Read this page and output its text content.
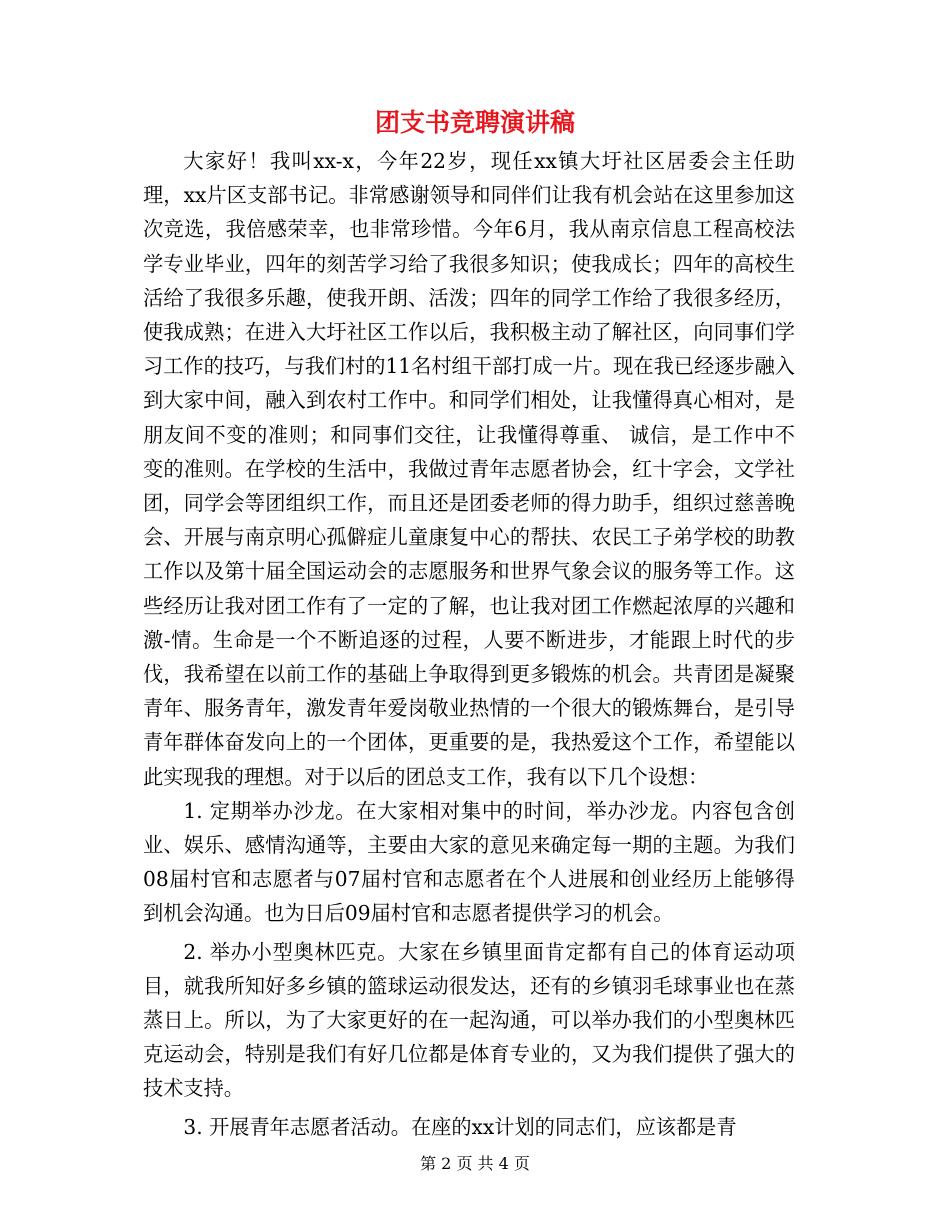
团支书竞聘演讲稿

大家好！我叫xx-x，今年22岁，现任xx镇大圩社区居委会主任助理，xx片区支部书记。非常感谢领导和同伴们让我有机会站在这里参加这次竞选，我倍感荣幸，也非常珍惜。今年6月，我从南京信息工程高校法学专业毕业，四年的刻苦学习给了我很多知识；使我成长；四年的高校生活给了我很多乐趣，使我开朗、活泼；四年的同学工作给了我很多经历，使我成熟；在进入大圩社区工作以后，我积极主动了解社区，向同事们学习工作的技巧，与我们村的11名村组干部打成一片。现在我已经逐步融入到大家中间，融入到农村工作中。和同学们相处，让我懂得真心相对，是朋友间不变的准则；和同事们交往，让我懂得尊重、 诚信，是工作中不变的准则。在学校的生活中，我做过青年志愿者协会，红十字会，文学社团，同学会等团组织工作，而且还是团委老师的得力助手，组织过慈善晚会、开展与南京明心孤僻症儿童康复中心的帮扶、农民工子弟学校的助教工作以及第十届全国运动会的志愿服务和世界气象会议的服务等工作。这些经历让我对团工作有了一定的了解，也让我对团工作燃起浓厚的兴趣和激-情。生命是一个不断追逐的过程，人要不断进步，才能跟上时代的步伐，我希望在以前工作的基础上争取得到更多锻炼的机会。共青团是凝聚青年、服务青年，激发青年爱岗敬业热情的一个很大的锻炼舞台，是引导青年群体奋发向上的一个团体，更重要的是，我热爱这个工作，希望能以此实现我的理想。对于以后的团总支工作，我有以下几个设想：

1. 定期举办沙龙。在大家相对集中的时间，举办沙龙。内容包含创业、娱乐、感情沟通等，主要由大家的意见来确定每一期的主题。为我们08届村官和志愿者与07届村官和志愿者在个人进展和创业经历上能够得到机会沟通。也为日后09届村官和志愿者提供学习的机会。

2. 举办小型奥林匹克。大家在乡镇里面肯定都有自己的体育运动项目，就我所知好多乡镇的篮球运动很发达，还有的乡镇羽毛球事业也在蒸蒸日上。所以，为了大家更好的在一起沟通，可以举办我们的小型奥林匹克运动会，特别是我们有好几位都是体育专业的，又为我们提供了强大的技术支持。

3. 开展青年志愿者活动。在座的xx计划的同志们，应该都是青

第 2 页 共 4 页
